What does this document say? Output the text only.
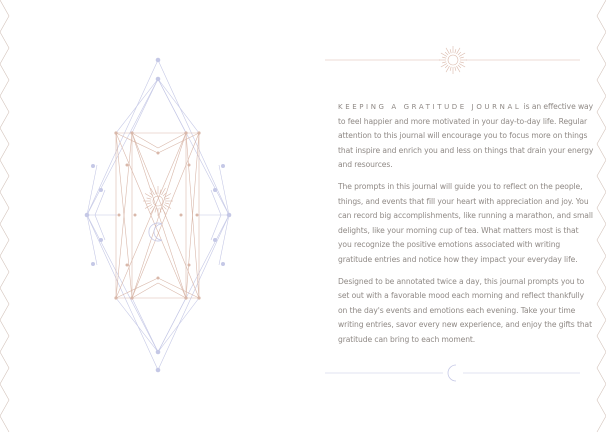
KEEPING A GRATITUDE JOURNAL is an effective way to feel happier and more motivated in your day-to-day life. Regular attention to this journal will encourage you to focus more on things that inspire and enrich you and less on things that drain your energy and resources.

The prompts in this journal will guide you to reflect on the people, things, and events that fill your heart with appreciation and joy. You can record big accomplishments, like running a marathon, and small delights, like your morning cup of tea. What matters most is that you recognize the positive emotions associated with writing gratitude entries and notice how they impact your everyday life.

Designed to be annotated twice a day, this journal prompts you to set out with a favorable mood each morning and reflect thankfully on the day's events and emotions each evening. Take your time writing entries, savor every new experience, and enjoy the gifts that gratitude can bring to each moment.
